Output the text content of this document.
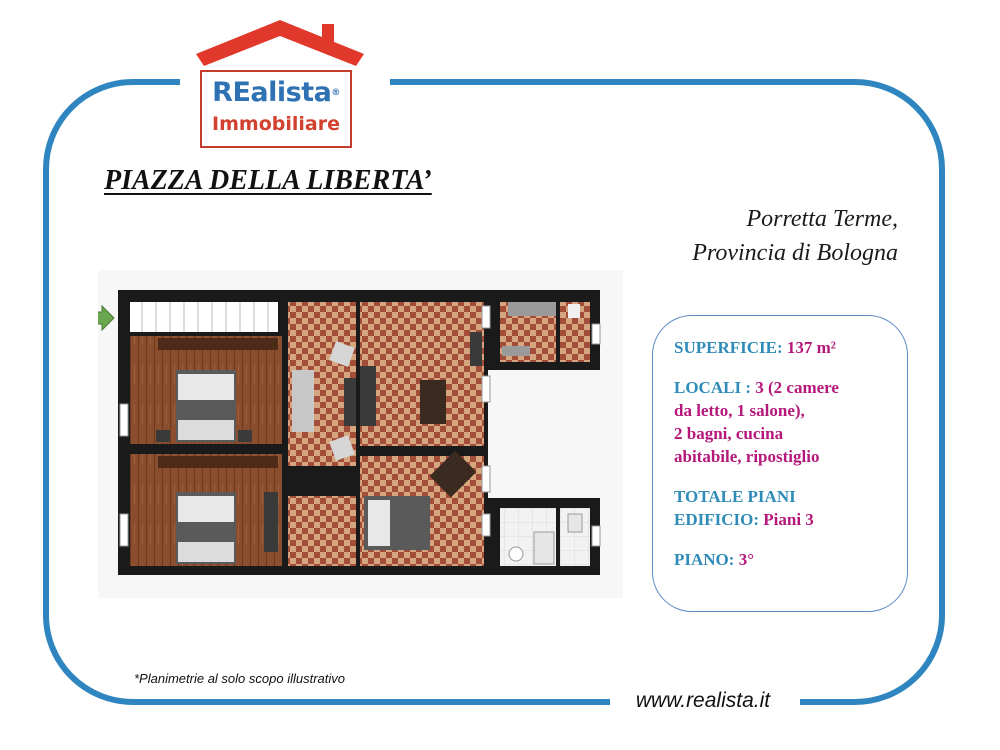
REalista®
Immobiliare
PIAZZA DELLA LIBERTA’
Porretta Terme,
Provincia di Bologna

SUPERFICIE: 137 m²

LOCALI : 3 (2 camere
da letto, 1 salone),
2 bagni, cucina
abitabile, ripostiglio

TOTALE PIANI
EDIFICIO: Piani 3

PIANO: 3°

*Planimetrie al solo scopo illustrativo
www.realista.it
